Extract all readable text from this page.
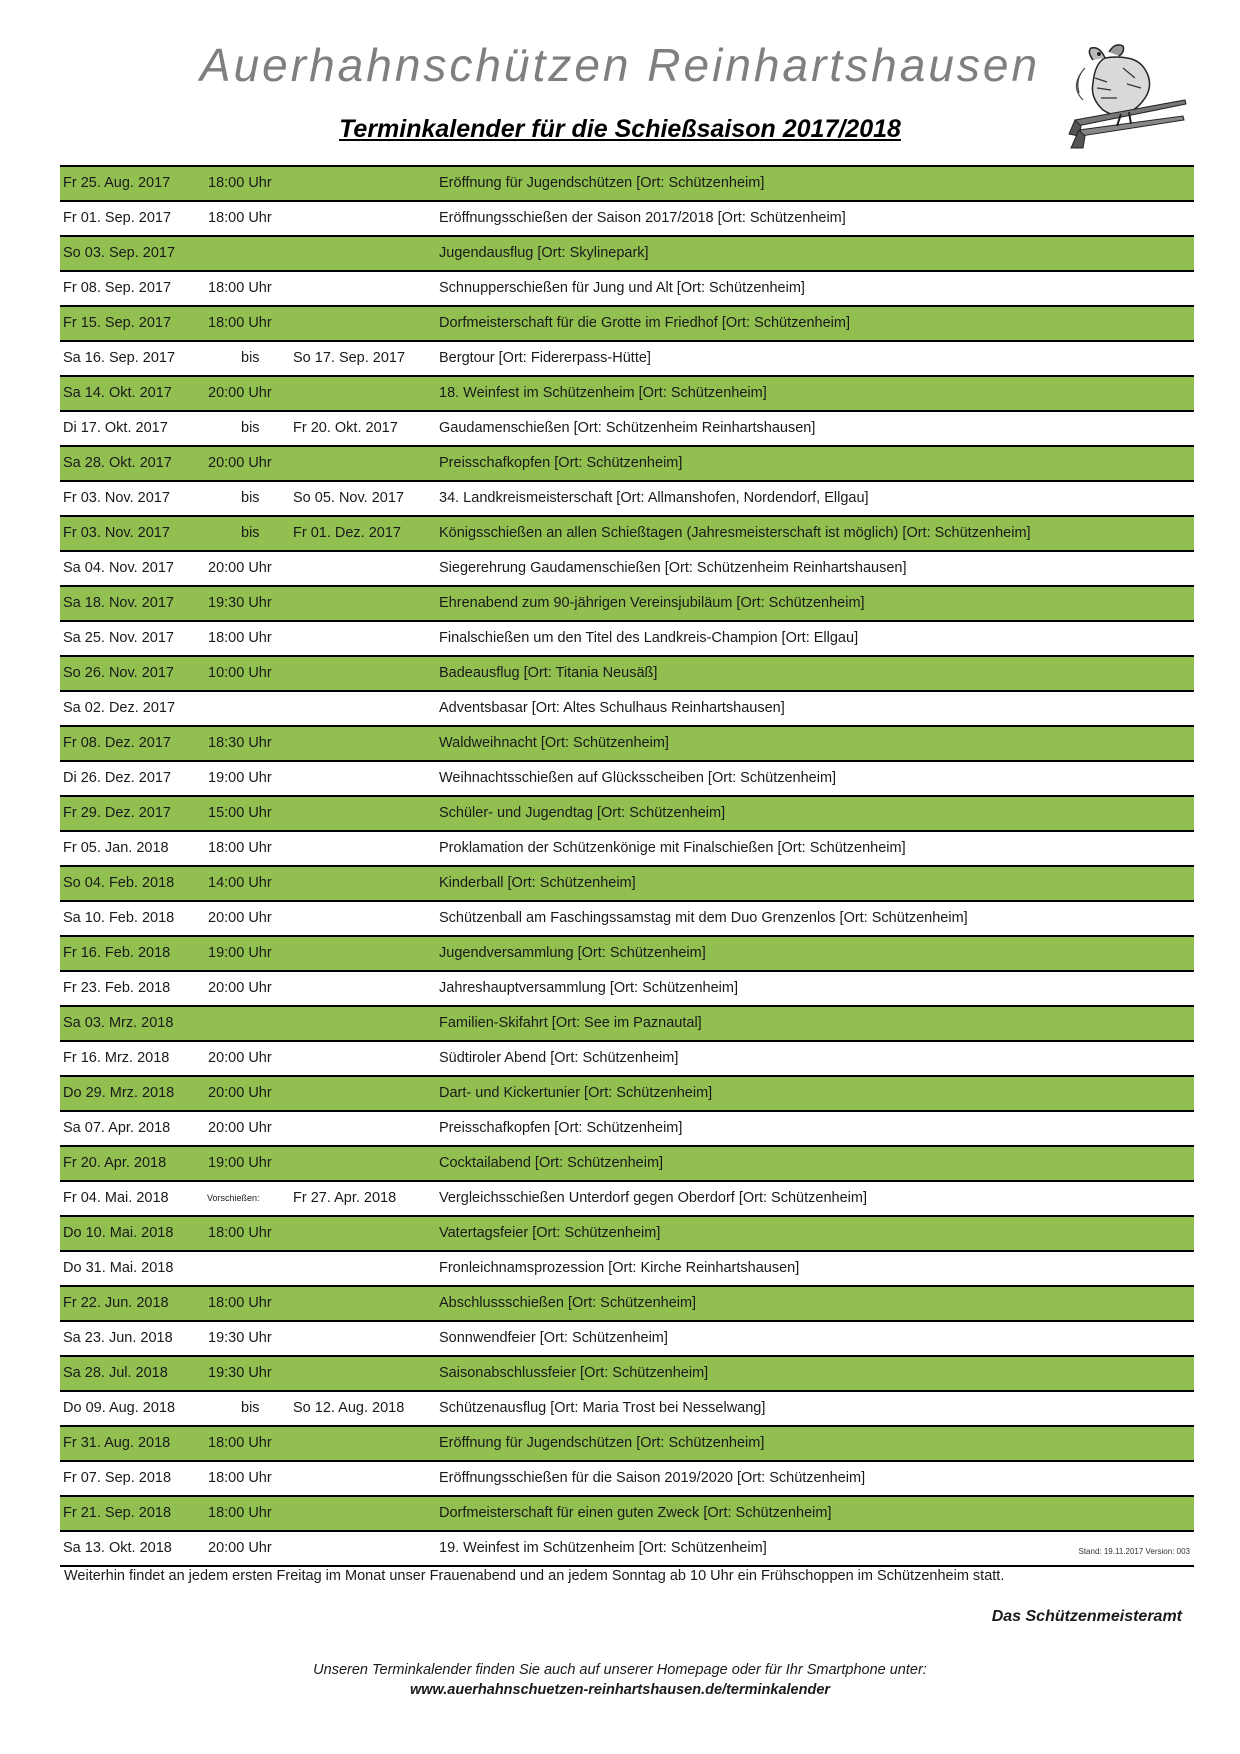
Auerhahnschützen Reinhartshausen
Terminkalender für die Schießsaison 2017/2018
Fr 25. Aug. 2017	18:00 Uhr	Eröffnung für Jugendschützen [Ort: Schützenheim]
Fr 01. Sep. 2017	18:00 Uhr	Eröffnungsschießen der Saison 2017/2018 [Ort: Schützenheim]
So 03. Sep. 2017	Jugendausflug [Ort: Skylinepark]
Fr 08. Sep. 2017	18:00 Uhr	Schnupperschießen für Jung und Alt [Ort: Schützenheim]
Fr 15. Sep. 2017	18:00 Uhr	Dorfmeisterschaft für die Grotte im Friedhof [Ort: Schützenheim]
Sa 16. Sep. 2017	bis So 17. Sep. 2017 Bergtour [Ort: Fidererpass-Hütte]
Sa 14. Okt. 2017 20:00 Uhr	18. Weinfest im Schützenheim [Ort: Schützenheim]
Di 17. Okt. 2017	bis Fr 20. Okt. 2017	Gaudamenschießen [Ort: Schützenheim Reinhartshausen]
Sa 28. Okt. 2017 20:00 Uhr	Preisschafkopfen [Ort: Schützenheim]
Fr 03. Nov. 2017	bis So 05. Nov. 2017 34. Landkreismeisterschaft [Ort: Allmanshofen, Nordendorf, Ellgau]
Fr 03. Nov. 2017	bis Fr 01. Dez. 2017	Königsschießen an allen Schießtagen (Jahresmeisterschaft ist möglich) [Ort: Schützenheim]
Sa 04. Nov. 2017 20:00 Uhr	Siegerehrung Gaudamenschießen [Ort: Schützenheim Reinhartshausen]
Sa 18. Nov. 2017 19:30 Uhr	Ehrenabend zum 90-jährigen Vereinsjubiläum [Ort: Schützenheim]
Sa 25. Nov. 2017 18:00 Uhr	Finalschießen um den Titel des Landkreis-Champion [Ort: Ellgau]
So 26. Nov. 2017 10:00 Uhr	Badeausflug [Ort: Titania Neusäß]
Sa 02. Dez. 2017	Adventsbasar [Ort: Altes Schulhaus Reinhartshausen]
Fr 08. Dez. 2017	18:30 Uhr	Waldweihnacht [Ort: Schützenheim]
Di 26. Dez. 2017	19:00 Uhr	Weihnachtsschießen auf Glücksscheiben [Ort: Schützenheim]
Fr 29. Dez. 2017	15:00 Uhr	Schüler- und Jugendtag [Ort: Schützenheim]
Fr 05. Jan. 2018	18:00 Uhr	Proklamation der Schützenkönige mit Finalschießen [Ort: Schützenheim]
So 04. Feb. 2018 14:00 Uhr	Kinderball [Ort: Schützenheim]
Sa 10. Feb. 2018 20:00 Uhr	Schützenball am Faschingssamstag mit dem Duo Grenzenlos [Ort: Schützenheim]
Fr 16. Feb. 2018	19:00 Uhr	Jugendversammlung [Ort: Schützenheim]
Fr 23. Feb. 2018	20:00 Uhr	Jahreshauptversammlung [Ort: Schützenheim]
Sa 03. Mrz. 2018	Familien-Skifahrt [Ort: See im Paznautal]
Fr 16. Mrz. 2018	20:00 Uhr	Südtiroler Abend [Ort: Schützenheim]
Do 29. Mrz. 2018 20:00 Uhr	Dart- und Kickertunier [Ort: Schützenheim]
Sa 07. Apr. 2018	20:00 Uhr	Preisschafkopfen [Ort: Schützenheim]
Fr 20. Apr. 2018	19:00 Uhr	Cocktailabend [Ort: Schützenheim]
Fr 04. Mai. 2018	Vorschießen: Fr 27. Apr. 2018	Vergleichsschießen Unterdorf gegen Oberdorf [Ort: Schützenheim]
Do 10. Mai. 2018 18:00 Uhr	Vatertagsfeier [Ort: Schützenheim]
Do 31. Mai. 2018	Fronleichnamsprozession [Ort: Kirche Reinhartshausen]
Fr 22. Jun. 2018	18:00 Uhr	Abschlussschießen [Ort: Schützenheim]
Sa 23. Jun. 2018 19:30 Uhr	Sonnwendfeier [Ort: Schützenheim]
Sa 28. Jul. 2018	19:30 Uhr	Saisonabschlussfeier [Ort: Schützenheim]
Do 09. Aug. 2018	bis So 12. Aug. 2018 Schützenausflug [Ort: Maria Trost bei Nesselwang]
Fr 31. Aug. 2018	18:00 Uhr	Eröffnung für Jugendschützen [Ort: Schützenheim]
Fr 07. Sep. 2018	18:00 Uhr	Eröffnungsschießen für die Saison 2019/2020 [Ort: Schützenheim]
Fr 21. Sep. 2018	18:00 Uhr	Dorfmeisterschaft für einen guten Zweck [Ort: Schützenheim]
Sa 13. Okt. 2018 20:00 Uhr	19. Weinfest im Schützenheim [Ort: Schützenheim]	Stand: 19.11.2017 Version: 003
Weiterhin findet an jedem ersten Freitag im Monat unser Frauenabend und an jedem Sonntag ab 10 Uhr ein Frühschoppen im Schützenheim statt.
Das Schützenmeisteramt
Unseren Terminkalender finden Sie auch auf unserer Homepage oder für Ihr Smartphone unter:
www.auerhahnschuetzen-reinhartshausen.de/terminkalender
